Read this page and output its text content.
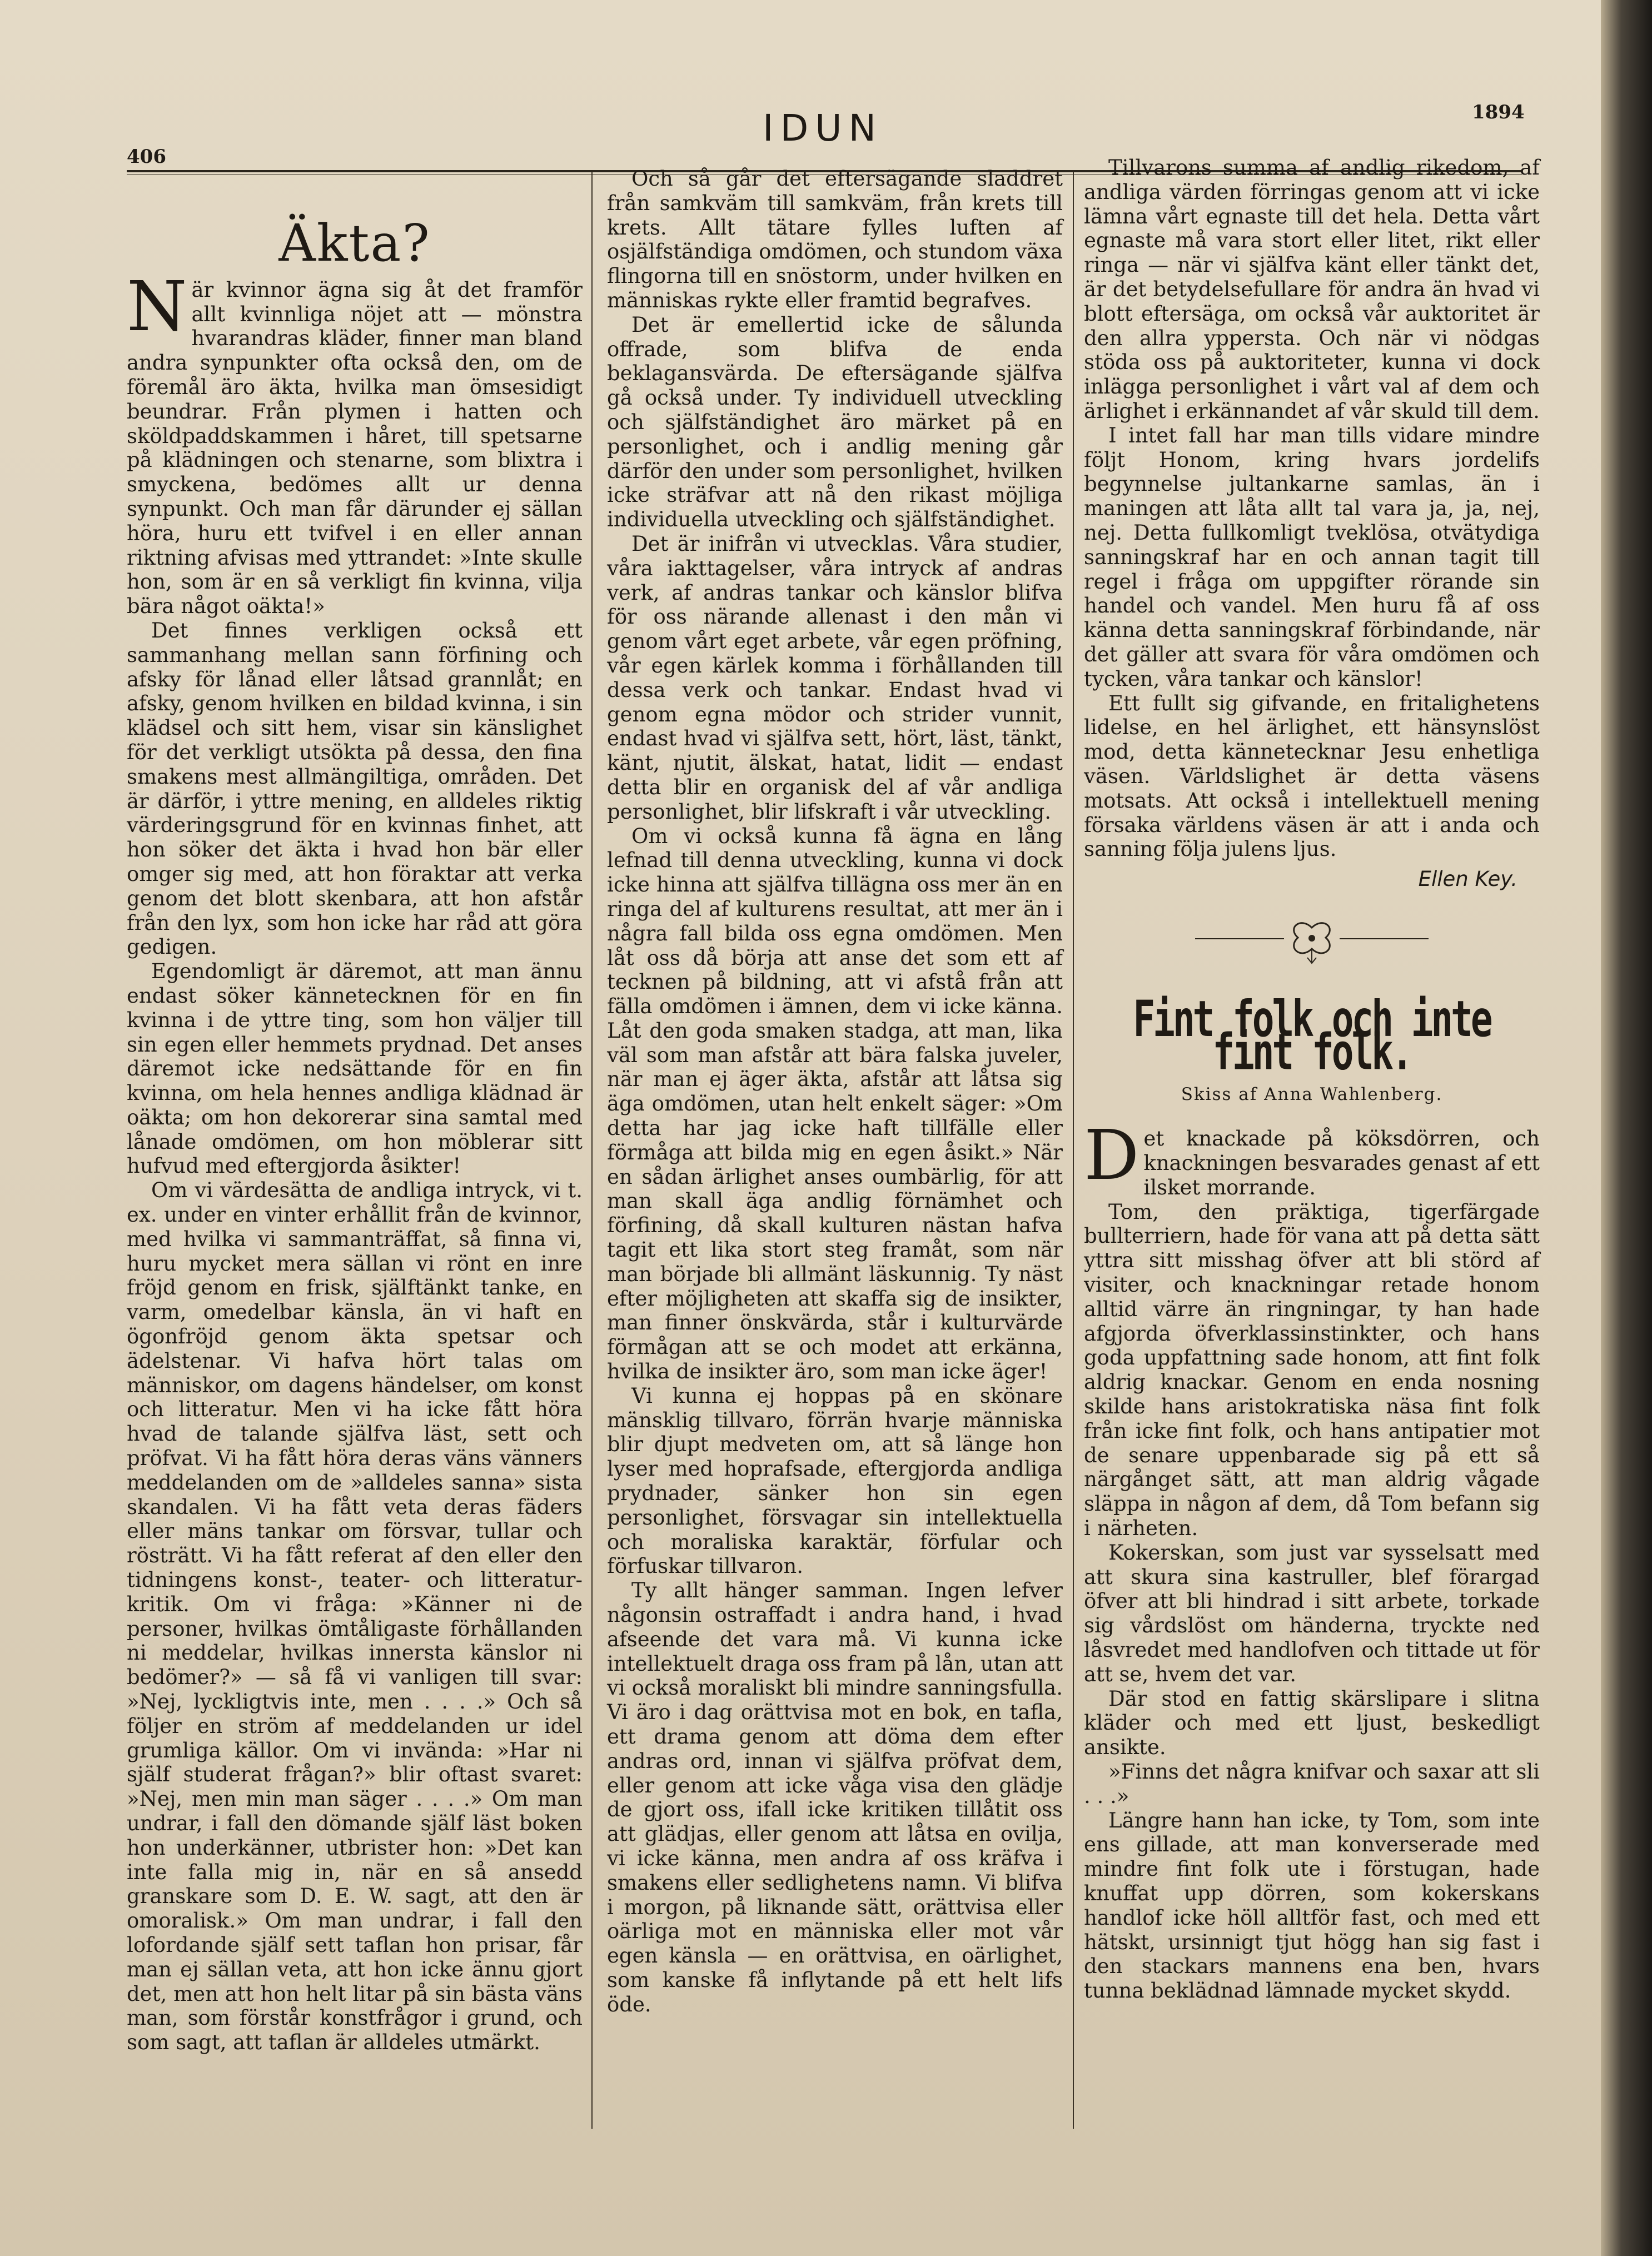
406
IDUN	1894
Äkta?

När kvinnor ägna sig åt det framför allt kvinnliga nöjet att — mönstra hvarandras kläder, finner man bland andra synpunkter ofta också den, om de föremål äro äkta, hvilka man ömsesidigt beundrar. Från plymen i hatten och sköldpaddskammen i håret, till spetsarne på klädningen och stenarne, som blixtra i smyckena, bedömes allt ur denna synpunkt. Och man får därunder ej sällan höra, huru ett tvifvel i en eller annan riktning afvisas med yttrandet: »Inte skulle hon, som är en så verkligt fin kvinna, vilja bära något oäkta!»

Det finnes verkligen också ett sammanhang mellan sann förfining och afsky för lånad eller låtsad grannlåt; en afsky, genom hvilken en bildad kvinna, i sin klädsel och sitt hem, visar sin känslighet för det verkligt utsökta på dessa, den fina smakens mest allmängiltiga, områden. Det är därför, i yttre mening, en alldeles riktig värderingsgrund för en kvinnas finhet, att hon söker det äkta i hvad hon bär eller omger sig med, att hon föraktar att verka genom det blott skenbara, att hon afstår från den lyx, som hon icke har råd att göra gedigen.

Egendomligt är däremot, att man ännu endast söker kännetecknen för en fin kvinna i de yttre ting, som hon väljer till sin egen eller hemmets prydnad. Det anses däremot icke nedsättande för en fin kvinna, om hela hennes andliga klädnad är oäkta; om hon dekorerar sina samtal med lånade omdömen, om hon möblerar sitt hufvud med eftergjorda åsikter!

Om vi värdesätta de andliga intryck, vi t. ex. under en vinter erhållit från de kvinnor, med hvilka vi sammanträffat, så finna vi, huru mycket mera sällan vi rönt en inre fröjd genom en frisk, själftänkt tanke, en varm, omedelbar känsla, än vi haft en ögonfröjd genom äkta spetsar och ädelstenar. Vi hafva hört talas om människor, om dagens händelser, om konst och litteratur. Men vi ha icke fått höra hvad de talande själfva läst, sett och pröfvat. Vi ha fått höra deras väns vänners meddelanden om de »alldeles sanna» sista skandalen. Vi ha fått veta deras fäders eller mäns tankar om försvar, tullar och rösträtt. Vi ha fått referat af den eller den tidningens konst-, teater- och litteratur-kritik. Om vi fråga: »Känner ni de personer, hvilkas ömtåligaste förhållanden ni meddelar, hvilkas innersta känslor ni bedömer?» — så få vi vanligen till svar: »Nej, lyckligtvis inte, men . . . .» Och så följer en ström af meddelanden ur idel grumliga källor. Om vi invända: »Har ni själf studerat frågan?» blir oftast svaret: »Nej, men min man säger . . . .» Om man undrar, i fall den dömande själf läst boken hon underkänner, utbrister hon: »Det kan inte falla mig in, när en så ansedd granskare som D. E. W. sagt, att den är omoralisk.» Om man undrar, i fall den lofordande själf sett taflan hon prisar, får man ej sällan veta, att hon icke ännu gjort det, men att hon helt litar på sin bästa väns man, som förstår konstfrågor i grund, och som sagt, att taflan är alldeles utmärkt.

Och så går det eftersägande sladdret från samkväm till samkväm, från krets till krets. Allt tätare fylles luften af osjälfständiga omdömen, och stundom växa flingorna till en snöstorm, under hvilken en människas rykte eller framtid begrafves.

Det är emellertid icke de sålunda offrade, som blifva de enda beklagansvärda. De eftersägande själfva gå också under. Ty individuell utveckling och själfständighet äro märket på en personlighet, och i andlig mening går därför den under som personlighet, hvilken icke sträfvar att nå den rikast möjliga individuella utveckling och själfständighet.

Det är inifrån vi utvecklas. Våra studier, våra iakttagelser, våra intryck af andras verk, af andras tankar och känslor blifva för oss närande allenast i den mån vi genom vårt eget arbete, vår egen pröfning, vår egen kärlek komma i förhållanden till dessa verk och tankar. Endast hvad vi genom egna mödor och strider vunnit, endast hvad vi själfva sett, hört, läst, tänkt, känt, njutit, älskat, hatat, lidit — endast detta blir en organisk del af vår andliga personlighet, blir lifskraft i vår utveckling.

Om vi också kunna få ägna en lång lefnad till denna utveckling, kunna vi dock icke hinna att själfva tillägna oss mer än en ringa del af kulturens resultat, att mer än i några fall bilda oss egna omdömen. Men låt oss då börja att anse det som ett af tecknen på bildning, att vi afstå från att fälla omdömen i ämnen, dem vi icke känna. Låt den goda smaken stadga, att man, lika väl som man afstår att bära falska juveler, när man ej äger äkta, afstår att låtsa sig äga omdömen, utan helt enkelt säger: »Om detta har jag icke haft tillfälle eller förmåga att bilda mig en egen åsikt.» När en sådan ärlighet anses oumbärlig, för att man skall äga andlig förnämhet och förfining, då skall kulturen nästan hafva tagit ett lika stort steg framåt, som när man började bli allmänt läskunnig. Ty näst efter möjligheten att skaffa sig de insikter, man finner önskvärda, står i kulturvärde förmågan att se och modet att erkänna, hvilka de insikter äro, som man icke äger!

Vi kunna ej hoppas på en skönare mänsklig tillvaro, förrän hvarje människa blir djupt medveten om, att så länge hon lyser med hoprafsade, eftergjorda andliga prydnader, sänker hon sin egen personlighet, försvagar sin intellektuella och moraliska karaktär, förfular och förfuskar tillvaron.

Ty allt hänger samman. Ingen lefver någonsin ostraffadt i andra hand, i hvad afseende det vara må. Vi kunna icke intellektuelt draga oss fram på lån, utan att vi också moraliskt bli mindre sanningsfulla. Vi äro i dag orättvisa mot en bok, en tafla, ett drama genom att döma dem efter andras ord, innan vi själfva pröfvat dem, eller genom att icke våga visa den glädje de gjort oss, ifall icke kritiken tillåtit oss att glädjas, eller genom att låtsa en ovilja, vi icke känna, men andra af oss kräfva i smakens eller sedlighetens namn. Vi blifva i morgon, på liknande sätt, orättvisa eller oärliga mot en människa eller mot vår egen känsla — en orättvisa, en oärlighet, som kanske få inflytande på ett helt lifs öde.

Tillvarons summa af andlig rikedom, af andliga värden förringas genom att vi icke lämna vårt egnaste till det hela. Detta vårt egnaste må vara stort eller litet, rikt eller ringa — när vi själfva känt eller tänkt det, är det betydelsefullare för andra än hvad vi blott eftersäga, om också vår auktoritet är den allra yppersta. Och när vi nödgas stöda oss på auktoriteter, kunna vi dock inlägga personlighet i vårt val af dem och ärlighet i erkännandet af vår skuld till dem.

I intet fall har man tills vidare mindre följt Honom, kring hvars jordelifs begynnelse jultankarne samlas, än i maningen att låta allt tal vara ja, ja, nej, nej. Detta fullkomligt tveklösa, otvätydiga sanningskraf har en och annan tagit till regel i fråga om uppgifter rörande sin handel och vandel. Men huru få af oss känna detta sanningskraf förbindande, när det gäller att svara för våra omdömen och tycken, våra tankar och känslor!

Ett fullt sig gifvande, en fritalighetens lidelse, en hel ärlighet, ett hänsynslöst mod, detta kännetecknar Jesu enhetliga väsen. Världslighet är detta väsens motsats. Att också i intellektuell mening försaka världens väsen är att i anda och sanning följa julens ljus.

Ellen Key.
Fint folk och inte fint folk.
Skiss af Anna Wahlenberg.

Det knackade på köksdörren, och knackningen besvarades genast af ett ilsket morrande.

Tom, den präktiga, tigerfärgade bullterriern, hade för vana att på detta sätt yttra sitt misshag öfver att bli störd af visiter, och knackningar retade honom alltid värre än ringningar, ty han hade afgjorda öfverklassinstinkter, och hans goda uppfattning sade honom, att fint folk aldrig knackar. Genom en enda nosning skilde hans aristokratiska näsa fint folk från icke fint folk, och hans antipatier mot de senare uppenbarade sig på ett så närgånget sätt, att man aldrig vågade släppa in någon af dem, då Tom befann sig i närheten.

Kokerskan, som just var sysselsatt med att skura sina kastruller, blef förargad öfver att bli hindrad i sitt arbete, torkade sig vårdslöst om händerna, tryckte ned låsvredet med handlofven och tittade ut för att se, hvem det var.

Där stod en fattig skärslipare i slitna kläder och med ett ljust, beskedligt ansikte.

»Finns det några knifvar och saxar att sli . . .»

Längre hann han icke, ty Tom, som inte ens gillade, att man konverserade med mindre fint folk ute i förstugan, hade knuffat upp dörren, som kokerskans handlof icke höll alltför fast, och med ett hätskt, ursinnigt tjut högg han sig fast i den stackars mannens ena ben, hvars tunna beklädnad lämnade mycket skydd.
